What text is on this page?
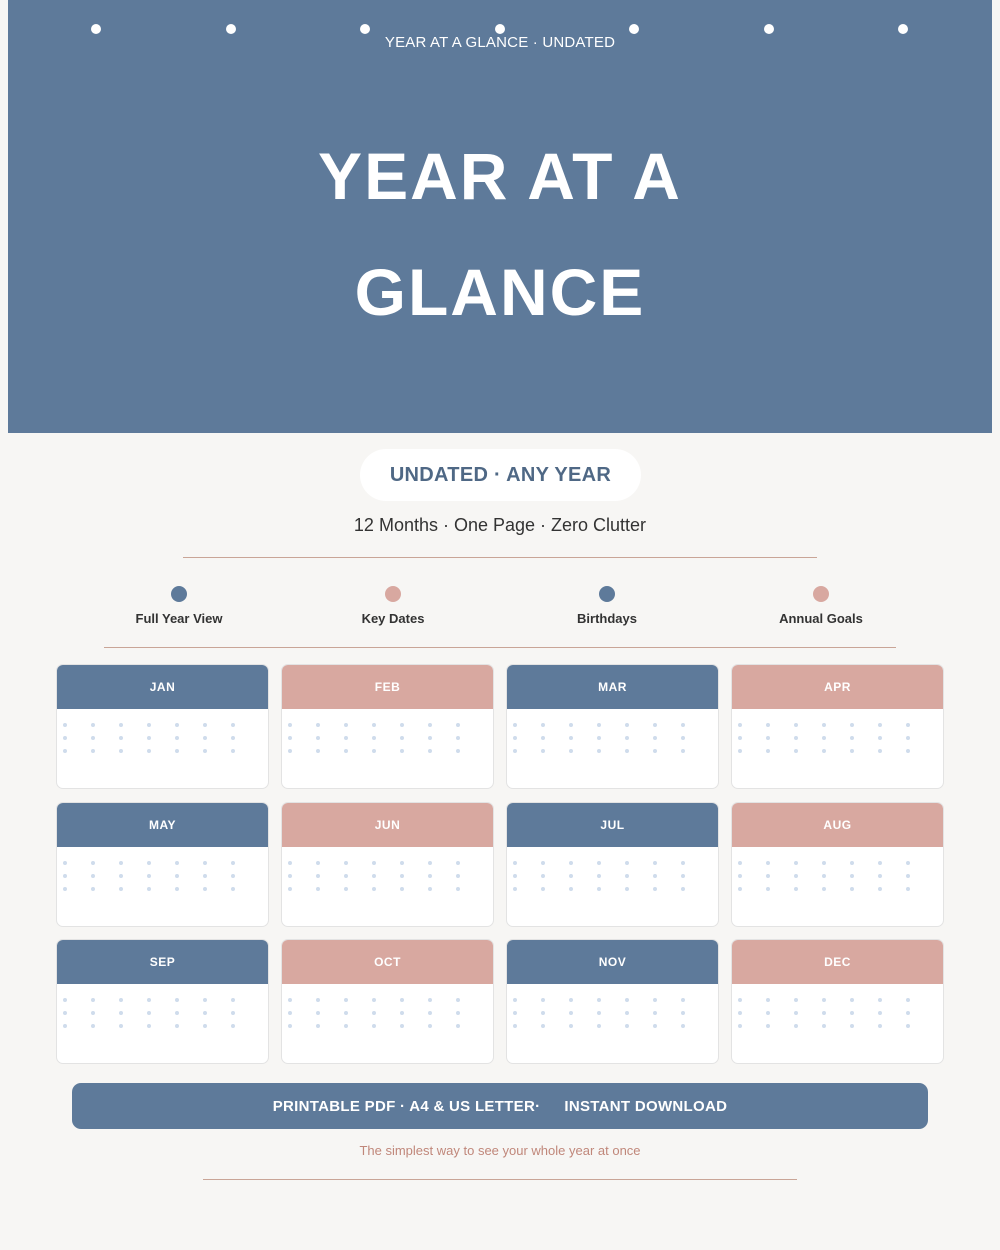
YEAR AT A GLANCE · UNDATED
YEAR AT A
GLANCE
UNDATED · ANY YEAR
12 Months · One Page · Zero Clutter
Full Year View	Key Dates	Birthdays	Annual Goals
JAN	FEB	MAR	APR
MAY	JUN	JUL	AUG
SEP	OCT	NOV	DEC
PRINTABLE PDF · A4 & US LETTER· INSTANT DOWNLOAD
The simplest way to see your whole year at once
